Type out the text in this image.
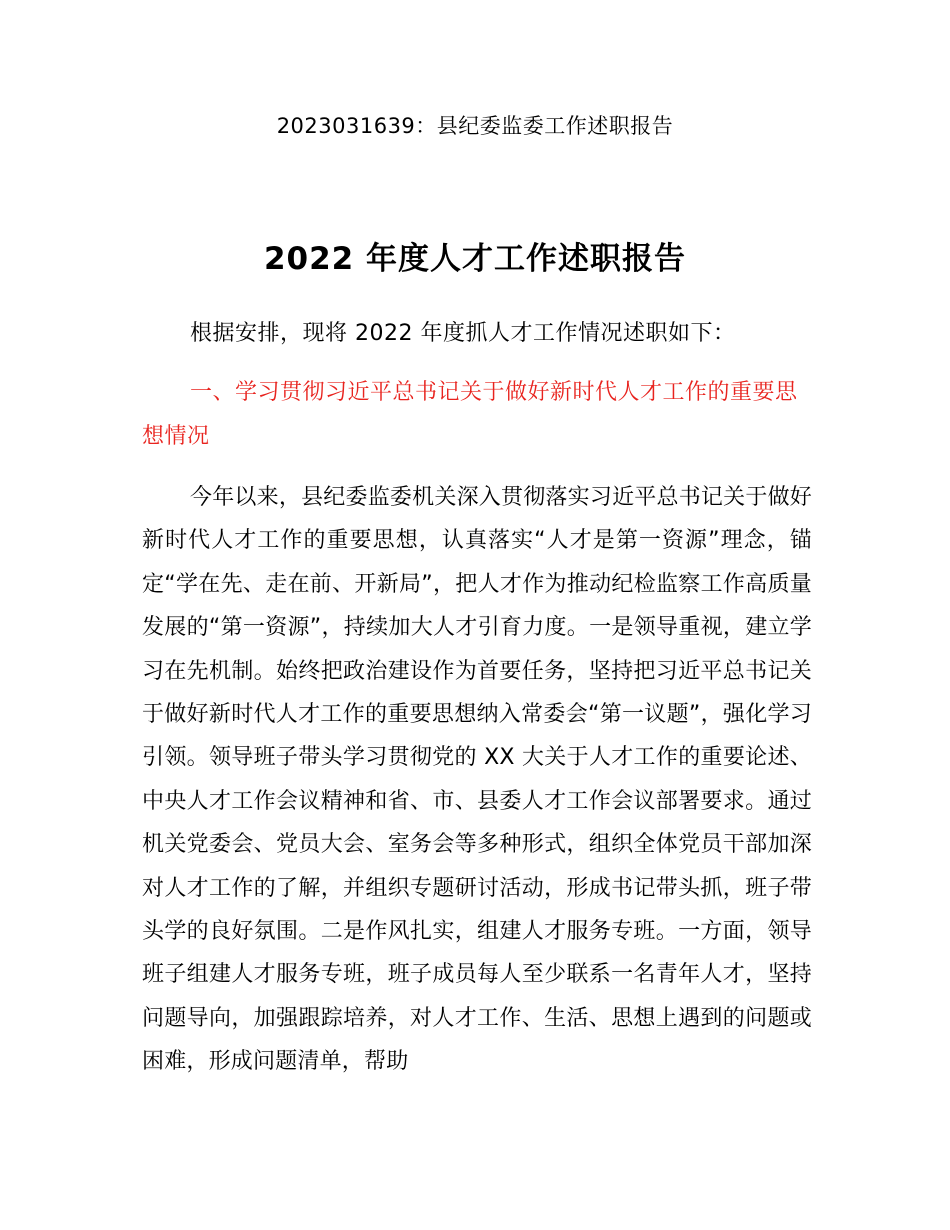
2023031639：县纪委监委工作述职报告
2022 年度人才工作述职报告

根据安排，现将 2022 年度抓人才工作情况述职如下：

一、学习贯彻习近平总书记关于做好新时代人才工作的重要思想情况

今年以来，县纪委监委机关深入贯彻落实习近平总书记关于做好新时代人才工作的重要思想，认真落实“人才是第一资源”理念，锚定“学在先、走在前、开新局”，把人才作为推动纪检监察工作高质量发展的“第一资源”，持续加大人才引育力度。一是领导重视，建立学习在先机制。始终把政治建设作为首要任务，坚持把习近平总书记关于做好新时代人才工作的重要思想纳入常委会“第一议题”，强化学习引领。领导班子带头学习贯彻党的 XX 大关于人才工作的重要论述、中央人才工作会议精神和省、市、县委人才工作会议部署要求。通过机关党委会、党员大会、室务会等多种形式，组织全体党员干部加深对人才工作的了解，并组织专题研讨活动，形成书记带头抓，班子带头学的良好氛围。二是作风扎实，组建人才服务专班。一方面，领导班子组建人才服务专班，班子成员每人至少联系一名青年人才，坚持问题导向，加强跟踪培养，对人才工作、生活、思想上遇到的问题或困难，形成问题清单，帮助
